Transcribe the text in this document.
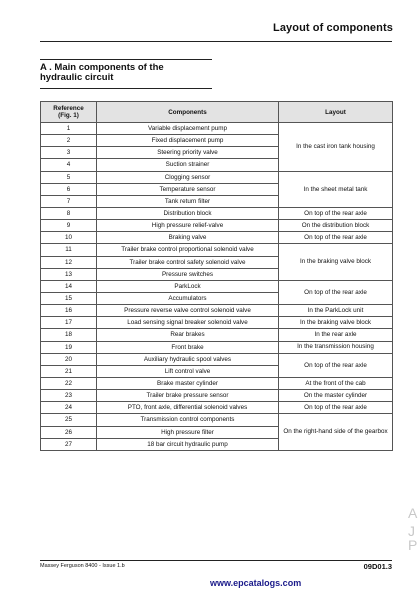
Layout of components
A . Main components of the
hydraulic circuit
Reference
(Fig. 1)	Components	Layout
1	Variable displacement pump	In the cast iron tank housing
2	Fixed displacement pump	
3	Steering priority valve	
4	Suction strainer	
5	Clogging sensor	In the sheet metal tank
6	Temperature sensor	
7	Tank return filter	
8	Distribution block	On top of the rear axle
9	High pressure relief-valve	On the distribution block
10	Braking valve	On top of the rear axle
11	Trailer brake control proportional solenoid valve	In the braking valve block
12	Trailer brake control safety solenoid valve	
13	Pressure switches	
14	ParkLock	On top of the rear axle
15	Accumulators	
16	Pressure reverse valve control solenoid valve	In the ParkLock unit
17	Load sensing signal breaker solenoid valve	In the braking valve block
18	Rear brakes	In the rear axle
19	Front brake	In the transmission housing
20	Auxiliary hydraulic spool valves	On top of the rear axle
21	Lift control valve	
22	Brake master cylinder	At the front of the cab
23	Trailer brake pressure sensor	On the master cylinder
24	PTO, front axle, differential solenoid valves	On top of the rear axle
25	Transmission control components	On the right-hand side of the gearbox
26	High pressure filter	
27	18 bar circuit hydraulic pump	
A
J
P
Massey Ferguson 8400 - Issue 1.b	09D01.3
www.epcatalogs.com
